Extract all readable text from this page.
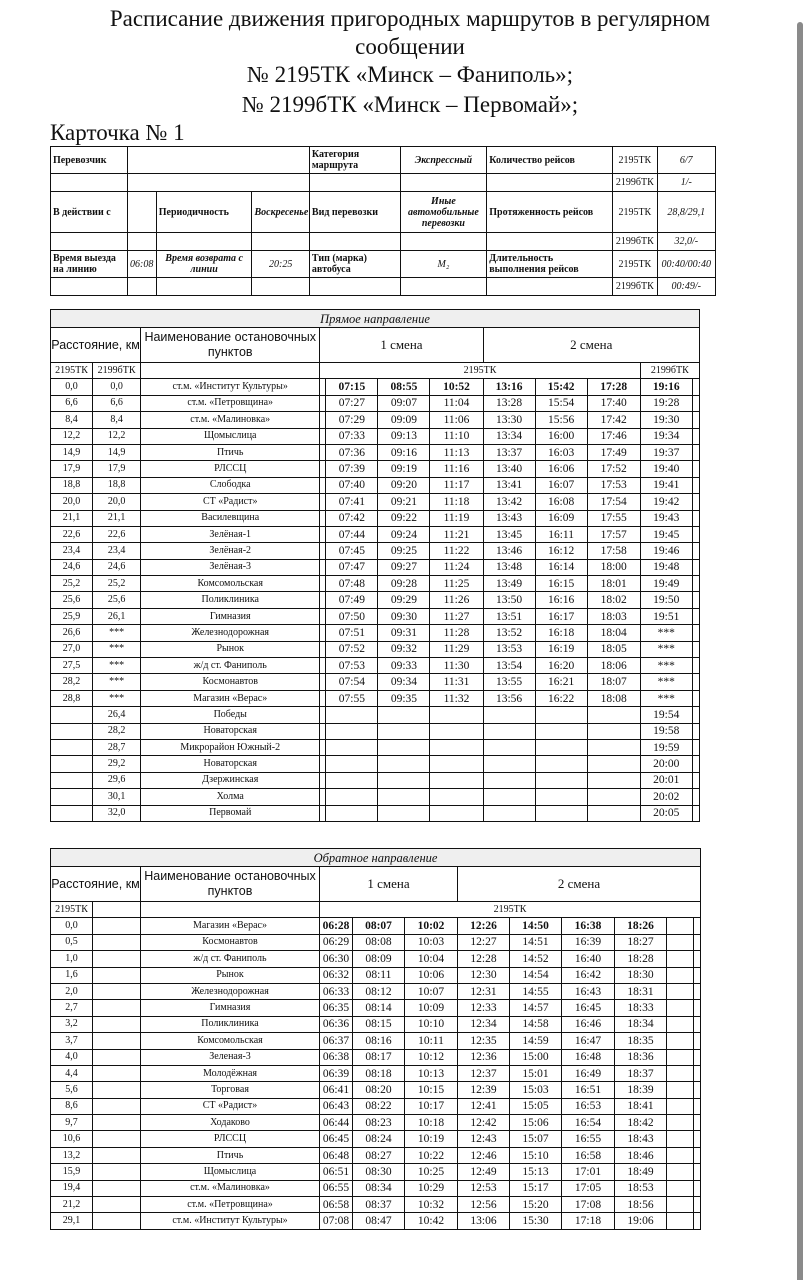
Расписание движения пригородных маршрутов в регулярном
сообщении
№ 2195ТК «Минск – Фаниполь»;
№ 2199бТК «Минск – Первомай»;
Карточка № 1
Перевозчик				Категория маршрута	Экспрессный	Количество рейсов	2195ТК	6/7
							2199бТК	1/-
В действии с		Периодичность	Воскресенье	Вид перевозки	Иные автомобильные перевозки	Протяженность рейсов	2195ТК	28,8/29,1
							2199бТК	32,0/-
Время выезда на линию	06:08	Время возврата с линии	20:25	Тип (марка) автобуса	M₂	Длительность выполнения рейсов	2195ТК	00:40/00:40
							2199бТК	00:49/-
Прямое направление											
Расстояние, км		Наименование остановочных пунктов	1 смена				2 смена				
2195ТК	2199бТК		2195ТК							2199бТК	
0,0	0,0	ст.м. «Институт Культуры»		07:15	08:55	10:52	13:16	15:42	17:28	19:16	
6,6	6,6	ст.м. «Петровщина»		07:27	09:07	11:04	13:28	15:54	17:40	19:28	
8,4	8,4	ст.м. «Малиновка»		07:29	09:09	11:06	13:30	15:56	17:42	19:30	
12,2	12,2	Щомыслица		07:33	09:13	11:10	13:34	16:00	17:46	19:34	
14,9	14,9	Птичь		07:36	09:16	11:13	13:37	16:03	17:49	19:37	
17,9	17,9	РЛССЦ		07:39	09:19	11:16	13:40	16:06	17:52	19:40	
18,8	18,8	Слободка		07:40	09:20	11:17	13:41	16:07	17:53	19:41	
20,0	20,0	СТ «Радист»		07:41	09:21	11:18	13:42	16:08	17:54	19:42	
21,1	21,1	Василевщина		07:42	09:22	11:19	13:43	16:09	17:55	19:43	
22,6	22,6	Зелёная-1		07:44	09:24	11:21	13:45	16:11	17:57	19:45	
23,4	23,4	Зелёная-2		07:45	09:25	11:22	13:46	16:12	17:58	19:46	
24,6	24,6	Зелёная-3		07:47	09:27	11:24	13:48	16:14	18:00	19:48	
25,2	25,2	Комсомольская		07:48	09:28	11:25	13:49	16:15	18:01	19:49	
25,6	25,6	Поликлиника		07:49	09:29	11:26	13:50	16:16	18:02	19:50	
25,9	26,1	Гимназия		07:50	09:30	11:27	13:51	16:17	18:03	19:51	
26,6	***	Железнодорожная		07:51	09:31	11:28	13:52	16:18	18:04	***	
27,0	***	Рынок		07:52	09:32	11:29	13:53	16:19	18:05	***	
27,5	***	ж/д ст. Фаниполь		07:53	09:33	11:30	13:54	16:20	18:06	***	
28,2	***	Космонавтов		07:54	09:34	11:31	13:55	16:21	18:07	***	
28,8	***	Магазин «Верас»		07:55	09:35	11:32	13:56	16:22	18:08	***	
	26,4	Победы								19:54	
	28,2	Новаторская								19:58	
	28,7	Микрорайон Южный-2								19:59	
	29,2	Новаторская								20:00	
	29,6	Дзержинская								20:01	
	30,1	Холма								20:02	
	32,0	Первомай								20:05	
Обратное направление											
Расстояние, км		Наименование остановочных пунктов	1 смена			2 смена					
2195ТК			2195ТК								
0,0		Магазин «Верас»	06:28	08:07	10:02	12:26	14:50	16:38	18:26		
0,5		Космонавтов	06:29	08:08	10:03	12:27	14:51	16:39	18:27		
1,0		ж/д ст. Фаниполь	06:30	08:09	10:04	12:28	14:52	16:40	18:28		
1,6		Рынок	06:32	08:11	10:06	12:30	14:54	16:42	18:30		
2,0		Железнодорожная	06:33	08:12	10:07	12:31	14:55	16:43	18:31		
2,7		Гимназия	06:35	08:14	10:09	12:33	14:57	16:45	18:33		
3,2		Поликлиника	06:36	08:15	10:10	12:34	14:58	16:46	18:34		
3,7		Комсомольская	06:37	08:16	10:11	12:35	14:59	16:47	18:35		
4,0		Зеленая-3	06:38	08:17	10:12	12:36	15:00	16:48	18:36		
4,4		Молодёжная	06:39	08:18	10:13	12:37	15:01	16:49	18:37		
5,6		Торговая	06:41	08:20	10:15	12:39	15:03	16:51	18:39		
8,6		СТ «Радист»	06:43	08:22	10:17	12:41	15:05	16:53	18:41		
9,7		Ходаково	06:44	08:23	10:18	12:42	15:06	16:54	18:42		
10,6		РЛССЦ	06:45	08:24	10:19	12:43	15:07	16:55	18:43		
13,2		Птичь	06:48	08:27	10:22	12:46	15:10	16:58	18:46		
15,9		Щомыслица	06:51	08:30	10:25	12:49	15:13	17:01	18:49		
19,4		ст.м. «Малиновка»	06:55	08:34	10:29	12:53	15:17	17:05	18:53		
21,2		ст.м. «Петровщина»	06:58	08:37	10:32	12:56	15:20	17:08	18:56		
29,1		ст.м. «Институт Культуры»	07:08	08:47	10:42	13:06	15:30	17:18	19:06		
